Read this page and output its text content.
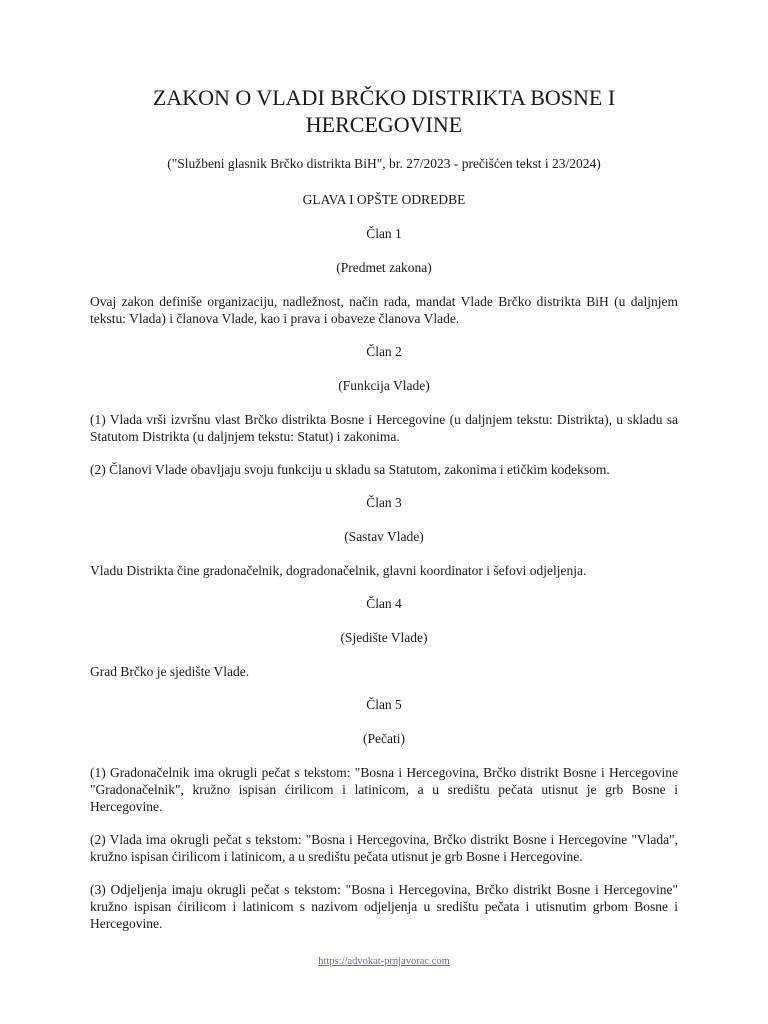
ZAKON O VLADI BRČKO DISTRIKTA BOSNE I HERCEGOVINE
("Službeni glasnik Brčko distrikta BiH", br. 27/2023 - prečišćen tekst i 23/2024)
GLAVA I OPŠTE ODREDBE
Član 1
(Predmet zakona)

Ovaj zakon definiše organizaciju, nadležnost, način rada, mandat Vlade Brčko distrikta BiH (u daljnjem tekstu: Vlada) i članova Vlade, kao i prava i obaveze članova Vlade.

Član 2
(Funkcija Vlade)

(1) Vlada vrši izvršnu vlast Brčko distrikta Bosne i Hercegovine (u daljnjem tekstu: Distrikta), u skladu sa Statutom Distrikta (u daljnjem tekstu: Statut) i zakonima.

(2) Članovi Vlade obavljaju svoju funkciju u skladu sa Statutom, zakonima i etičkim kodeksom.

Član 3
(Sastav Vlade)

Vladu Distrikta čine gradonačelnik, dogradonačelnik, glavni koordinator i šefovi odjeljenja.

Član 4
(Sjedište Vlade)

Grad Brčko je sjedište Vlade.

Član 5
(Pečati)

(1) Gradonačelnik ima okrugli pečat s tekstom: "Bosna i Hercegovina, Brčko distrikt Bosne i Hercegovine "Gradonačelnik", kružno ispisan ćirilicom i latinicom, a u središtu pečata utisnut je grb Bosne i Hercegovine.

(2) Vlada ima okrugli pečat s tekstom: "Bosna i Hercegovina, Brčko distrikt Bosne i Hercegovine "Vlada", kružno ispisan ćirilicom i latinicom, a u središtu pečata utisnut je grb Bosne i Hercegovine.

(3) Odjeljenja imaju okrugli pečat s tekstom: "Bosna i Hercegovina, Brčko distrikt Bosne i Hercegovine" kružno ispisan ćirilicom i latinicom s nazivom odjeljenja u središtu pečata i utisnutim grbom Bosne i Hercegovine.

https://advokat-prnjavorac.com
